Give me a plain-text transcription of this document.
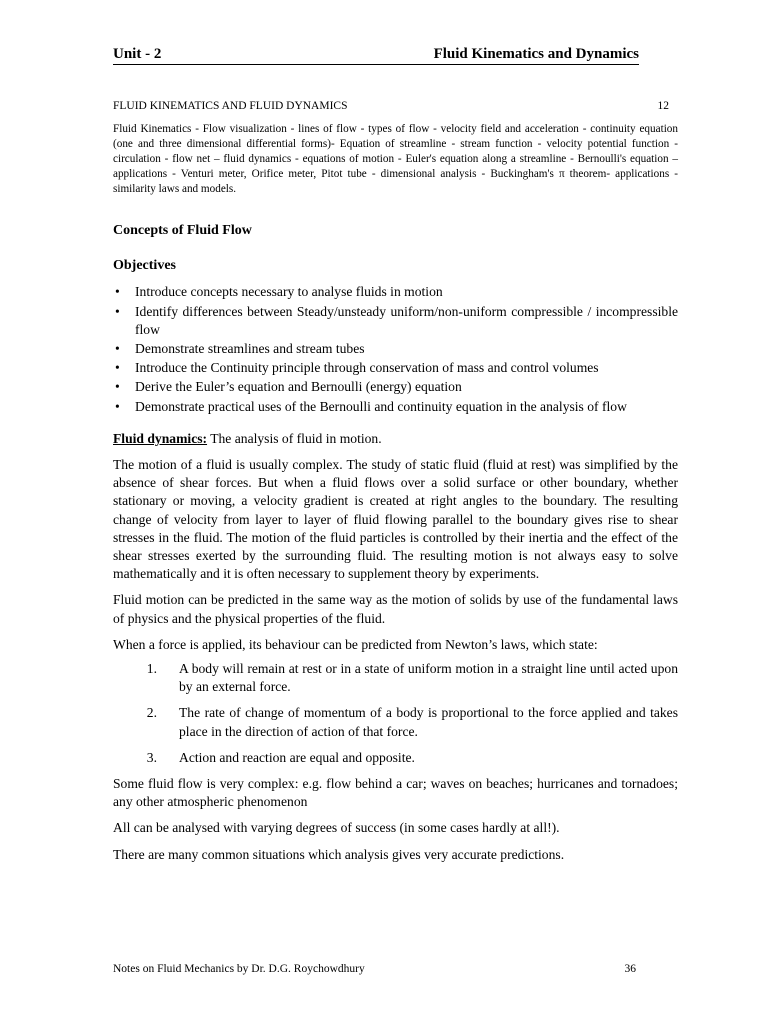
Unit - 2	Fluid Kinematics and Dynamics
FLUID KINEMATICS AND FLUID DYNAMICS	12

Fluid Kinematics - Flow visualization - lines of flow - types of flow - velocity field and acceleration - continuity equation (one and three dimensional differential forms)- Equation of streamline - stream function - velocity potential function - circulation - flow net – fluid dynamics - equations of motion - Euler's equation along a streamline - Bernoulli's equation – applications - Venturi meter, Orifice meter, Pitot tube - dimensional analysis - Buckingham's π theorem- applications - similarity laws and models.

Concepts of Fluid Flow
Objectives
• Introduce concepts necessary to analyse fluids in motion
• Identify differences between Steady/unsteady uniform/non-uniform compressible / incompressible flow
• Demonstrate streamlines and stream tubes
• Introduce the Continuity principle through conservation of mass and control volumes
• Derive the Euler’s equation and Bernoulli (energy) equation
• Demonstrate practical uses of the Bernoulli and continuity equation in the analysis of flow

Fluid dynamics: The analysis of fluid in motion.

The motion of a fluid is usually complex. The study of static fluid (fluid at rest) was simplified by the absence of shear forces. But when a fluid flows over a solid surface or other boundary, whether stationary or moving, a velocity gradient is created at right angles to the boundary. The resulting change of velocity from layer to layer of fluid flowing parallel to the boundary gives rise to shear stresses in the fluid. The motion of the fluid particles is controlled by their inertia and the effect of the shear stresses exerted by the surrounding fluid. The resulting motion is not always easy to solve mathematically and it is often necessary to supplement theory by experiments.

Fluid motion can be predicted in the same way as the motion of solids by use of the fundamental laws of physics and the physical properties of the fluid.

When a force is applied, its behaviour can be predicted from Newton’s laws, which state:

1. A body will remain at rest or in a state of uniform motion in a straight line until acted upon by an external force.
2. The rate of change of momentum of a body is proportional to the force applied and takes place in the direction of action of that force.
3. Action and reaction are equal and opposite.

Some fluid flow is very complex: e.g. flow behind a car; waves on beaches; hurricanes and tornadoes; any other atmospheric phenomenon

All can be analysed with varying degrees of success (in some cases hardly at all!).

There are many common situations which analysis gives very accurate predictions.

Notes on Fluid Mechanics by Dr. D.G. Roychowdhury	36
